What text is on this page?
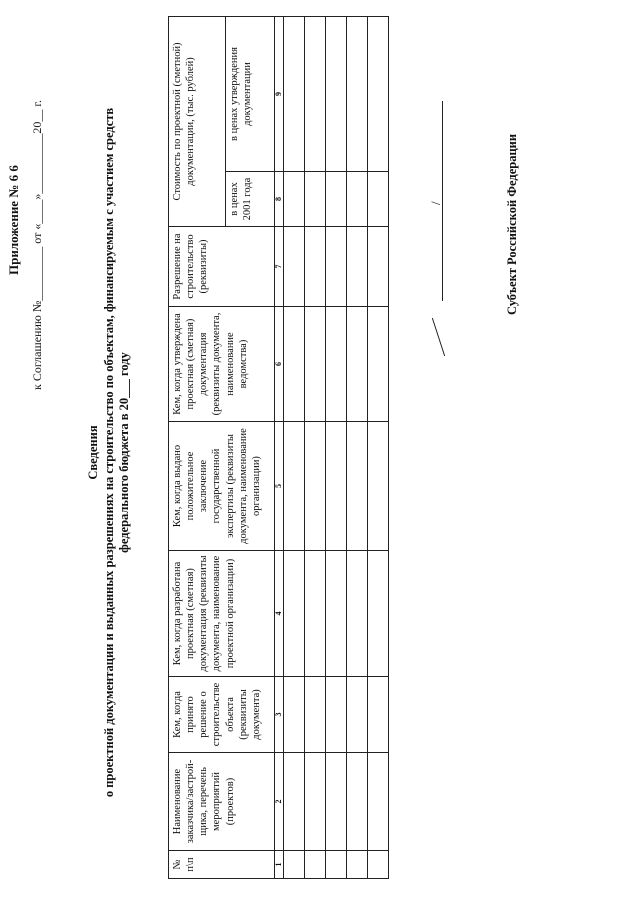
Приложение № 6 6 к Соглашению №_________ от «____»__________20__ г.
Сведения о проектной документации и выданных разрешениях на строительство по объектам, финансируемым с участием средств федерального бюджета в 20___ году
№ п\п	Наименование заказчика/застрой-щика, перечень мероприятий (проектов)	Кем, когда принято решение о строительстве объекта (реквизиты документа)	Кем, когда разработана проектная (сметная) документация (реквизиты документа, наименование проектной организации)	Кем, когда выдано положительное заключение государственной экспертизы (реквизиты документа, наименование организации)	Кем, когда утверждена проектная (сметная) документация (реквизиты документа, наименование ведомства)	Разрешение на строительство (реквизиты)	Стоимость по проектной (сметной) документации, (тыс. рублей)	
							в ценах 2001 года	в ценах утверждения документации
1	2	3	4	5	6	7	8	9

/	Субъект Российской Федерации
